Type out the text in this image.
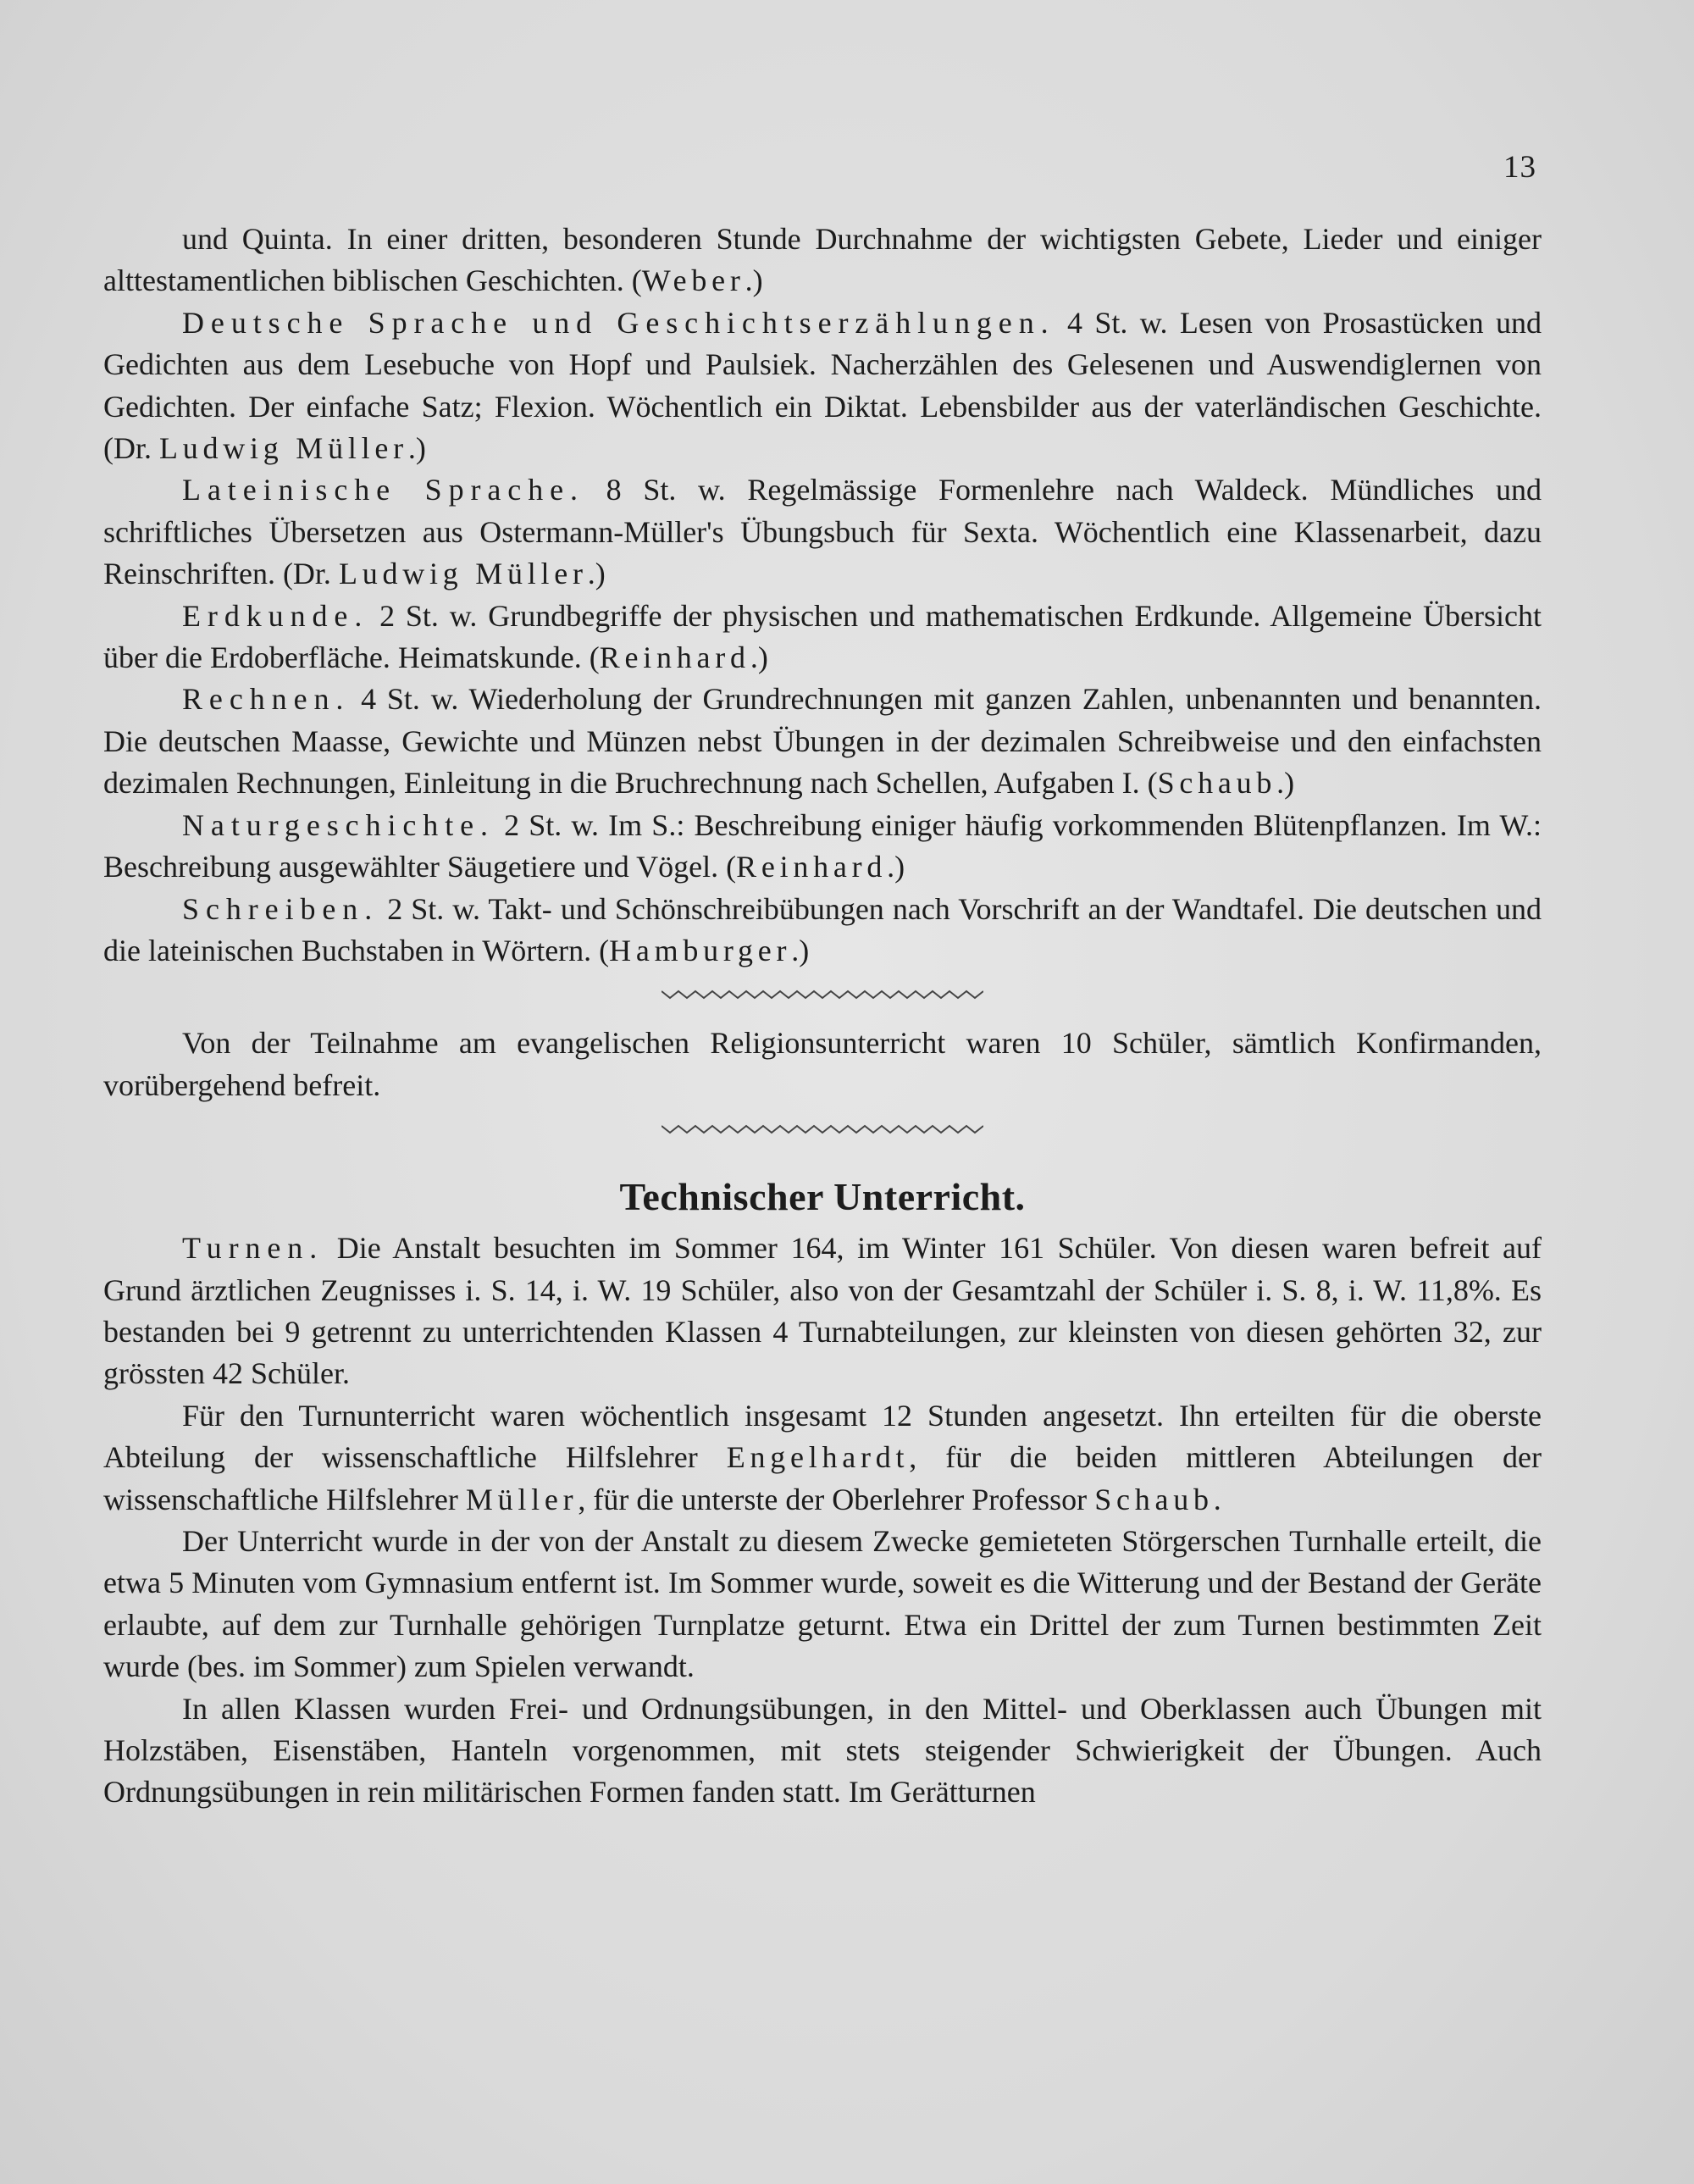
13

und Quinta. In einer dritten, besonderen Stunde Durchnahme der wichtigsten Gebete, Lieder und einiger alttestamentlichen biblischen Geschichten. (Weber.)

Deutsche Sprache und Geschichtserzählungen. 4 St. w. Lesen von Prosastücken und Gedichten aus dem Lesebuche von Hopf und Paulsiek. Nacherzählen des Gelesenen und Auswendiglernen von Gedichten. Der einfache Satz; Flexion. Wöchentlich ein Diktat. Lebensbilder aus der vaterländischen Geschichte. (Dr. Ludwig Müller.)

Lateinische Sprache. 8 St. w. Regelmässige Formenlehre nach Waldeck. Mündliches und schriftliches Übersetzen aus Ostermann-Müller's Übungsbuch für Sexta. Wöchentlich eine Klassenarbeit, dazu Reinschriften. (Dr. Ludwig Müller.)

Erdkunde. 2 St. w. Grundbegriffe der physischen und mathematischen Erdkunde. Allgemeine Übersicht über die Erdoberfläche. Heimatskunde. (Reinhard.)

Rechnen. 4 St. w. Wiederholung der Grundrechnungen mit ganzen Zahlen, unbenannten und benannten. Die deutschen Maasse, Gewichte und Münzen nebst Übungen in der dezimalen Schreibweise und den einfachsten dezimalen Rechnungen, Einleitung in die Bruchrechnung nach Schellen, Aufgaben I. (Schaub.)

Naturgeschichte. 2 St. w. Im S.: Beschreibung einiger häufig vorkommenden Blütenpflanzen. Im W.: Beschreibung ausgewählter Säugetiere und Vögel. (Reinhard.)

Schreiben. 2 St. w. Takt- und Schönschreibübungen nach Vorschrift an der Wandtafel. Die deutschen und die lateinischen Buchstaben in Wörtern. (Hamburger.)

Von der Teilnahme am evangelischen Religionsunterricht waren 10 Schüler, sämtlich Konfirmanden, vorübergehend befreit.

Technischer Unterricht.

Turnen. Die Anstalt besuchten im Sommer 164, im Winter 161 Schüler. Von diesen waren befreit auf Grund ärztlichen Zeugnisses i. S. 14, i. W. 19 Schüler, also von der Gesamtzahl der Schüler i. S. 8, i. W. 11,8%. Es bestanden bei 9 getrennt zu unterrichtenden Klassen 4 Turnabteilungen, zur kleinsten von diesen gehörten 32, zur grössten 42 Schüler.

Für den Turnunterricht waren wöchentlich insgesamt 12 Stunden angesetzt. Ihn erteilten für die oberste Abteilung der wissenschaftliche Hilfslehrer Engelhardt, für die beiden mittleren Abteilungen der wissenschaftliche Hilfslehrer Müller, für die unterste der Oberlehrer Professor Schaub.

Der Unterricht wurde in der von der Anstalt zu diesem Zwecke gemieteten Störgerschen Turnhalle erteilt, die etwa 5 Minuten vom Gymnasium entfernt ist. Im Sommer wurde, soweit es die Witterung und der Bestand der Geräte erlaubte, auf dem zur Turnhalle gehörigen Turnplatze geturnt. Etwa ein Drittel der zum Turnen bestimmten Zeit wurde (bes. im Sommer) zum Spielen verwandt.

In allen Klassen wurden Frei- und Ordnungsübungen, in den Mittel- und Oberklassen auch Übungen mit Holzstäben, Eisenstäben, Hanteln vorgenommen, mit stets steigender Schwierigkeit der Übungen. Auch Ordnungsübungen in rein militärischen Formen fanden statt. Im Gerätturnen
